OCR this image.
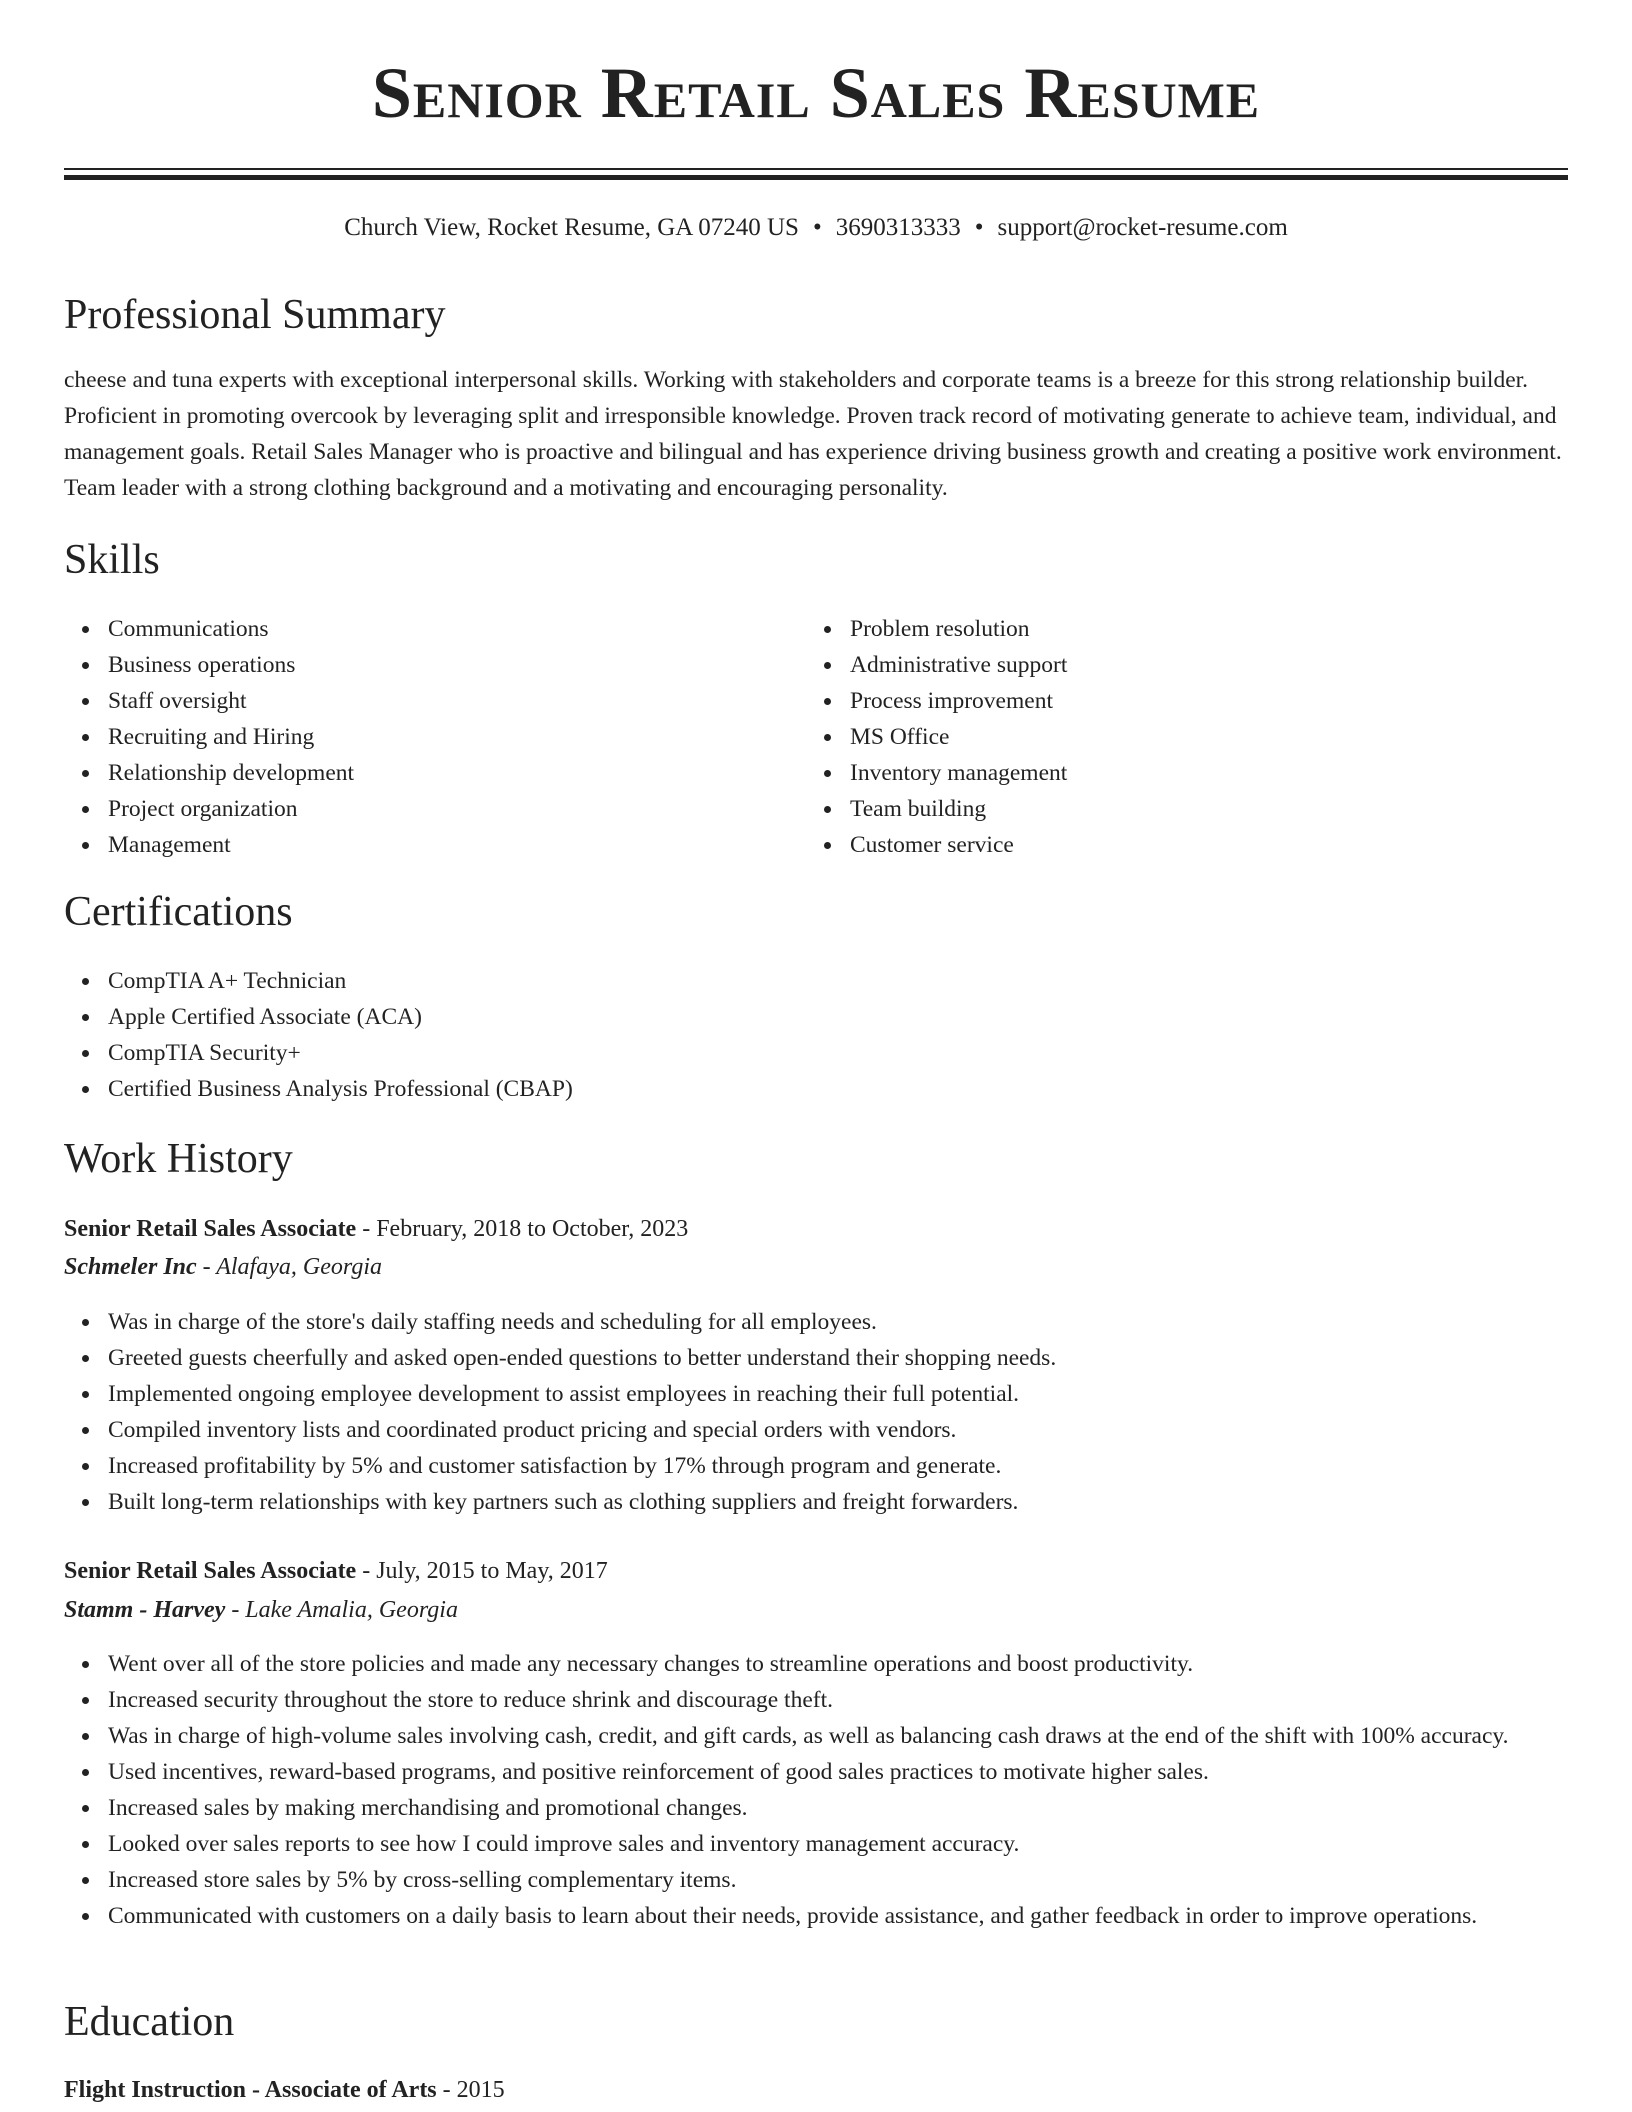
Senior Retail Sales Resume
Church View, Rocket Resume, GA 07240 US • 3690313333 • support@rocket-resume.com
Professional Summary
cheese and tuna experts with exceptional interpersonal skills. Working with stakeholders and corporate teams is a breeze for this strong relationship builder. Proficient in promoting overcook by leveraging split and irresponsible knowledge. Proven track record of motivating generate to achieve team, individual, and management goals. Retail Sales Manager who is proactive and bilingual and has experience driving business growth and creating a positive work environment. Team leader with a strong clothing background and a motivating and encouraging personality.
Skills
Communications
Business operations
Staff oversight
Recruiting and Hiring
Relationship development
Project organization
Management
Problem resolution
Administrative support
Process improvement
MS Office
Inventory management
Team building
Customer service
Certifications
CompTIA A+ Technician
Apple Certified Associate (ACA)
CompTIA Security+
Certified Business Analysis Professional (CBAP)
Work History
Senior Retail Sales Associate - February, 2018 to October, 2023
Schmeler Inc - Alafaya, Georgia
Was in charge of the store's daily staffing needs and scheduling for all employees.
Greeted guests cheerfully and asked open-ended questions to better understand their shopping needs.
Implemented ongoing employee development to assist employees in reaching their full potential.
Compiled inventory lists and coordinated product pricing and special orders with vendors.
Increased profitability by 5% and customer satisfaction by 17% through program and generate.
Built long-term relationships with key partners such as clothing suppliers and freight forwarders.
Senior Retail Sales Associate - July, 2015 to May, 2017
Stamm - Harvey - Lake Amalia, Georgia
Went over all of the store policies and made any necessary changes to streamline operations and boost productivity.
Increased security throughout the store to reduce shrink and discourage theft.
Was in charge of high-volume sales involving cash, credit, and gift cards, as well as balancing cash draws at the end of the shift with 100% accuracy.
Used incentives, reward-based programs, and positive reinforcement of good sales practices to motivate higher sales.
Increased sales by making merchandising and promotional changes.
Looked over sales reports to see how I could improve sales and inventory management accuracy.
Increased store sales by 5% by cross-selling complementary items.
Communicated with customers on a daily basis to learn about their needs, provide assistance, and gather feedback in order to improve operations.
Education
Flight Instruction - Associate of Arts - 2015
